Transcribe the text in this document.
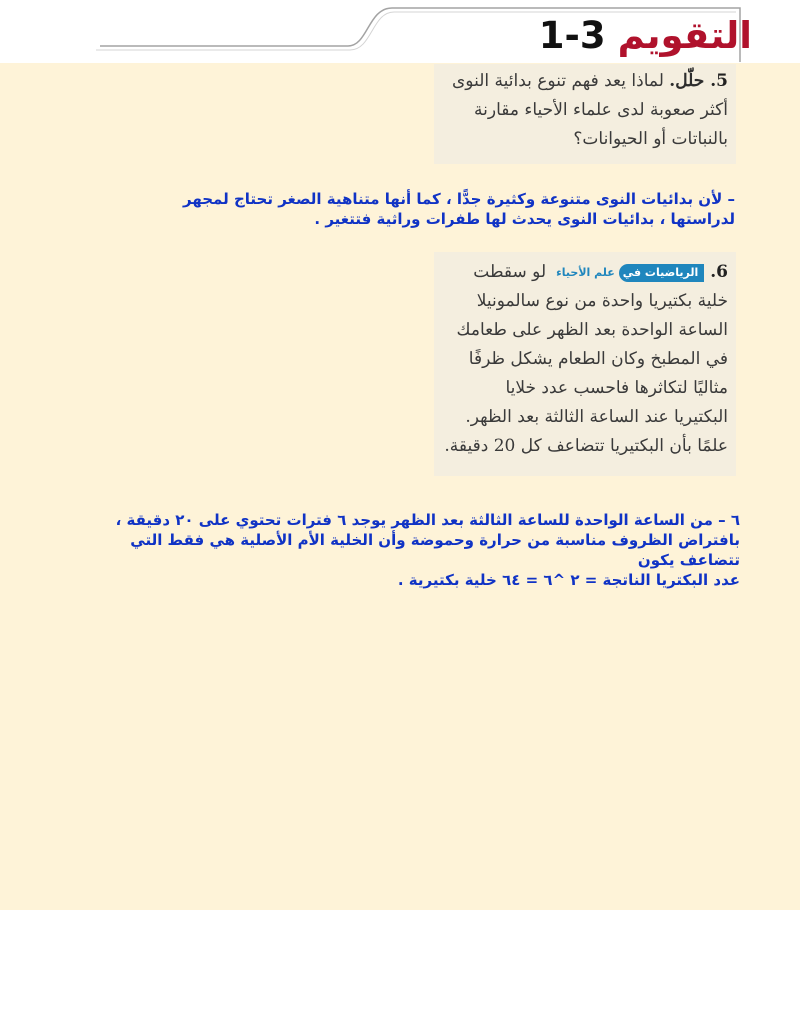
التقويم3-1
5.حلّل. لماذا يعد فهم تنوع بدائية النوى
أكثر صعوبة لدى علماء الأحياء مقارنة
بالنباتات أو الحيوانات؟
– لأن بدائيات النوى متنوعة وكثيرة جدًّا ، كما أنها متناهية الصغر تحتاج لمجهر
لدراستها ، بدائيات النوى يحدث لها طفرات وراثية فتتغير .
6.الرياضيات فيعلم الأحياءلو سقطت
خلية بكتيريا واحدة من نوع سالمونيلا
الساعة الواحدة بعد الظهر على طعامك
في المطبخ وكان الطعام يشكل ظرفًا
مثاليًا لتكاثرها فاحسب عدد خلايا
البكتيريا عند الساعة الثالثة بعد الظهر.
علمًا بأن البكتيريا تتضاعف كل 20 دقيقة.
٦ – من الساعة الواحدة للساعة الثالثة بعد الظهر يوجد ٦ فترات تحتوي على ٢٠ دقيقة ،
بافتراض الظروف مناسبة من حرارة وحموضة وأن الخلية الأم الأصلية هي فقط التي
تتضاعف يكون
عدد البكتريا الناتجة = ٢ ^٦ = ٦٤ خلية بكتيرية .
